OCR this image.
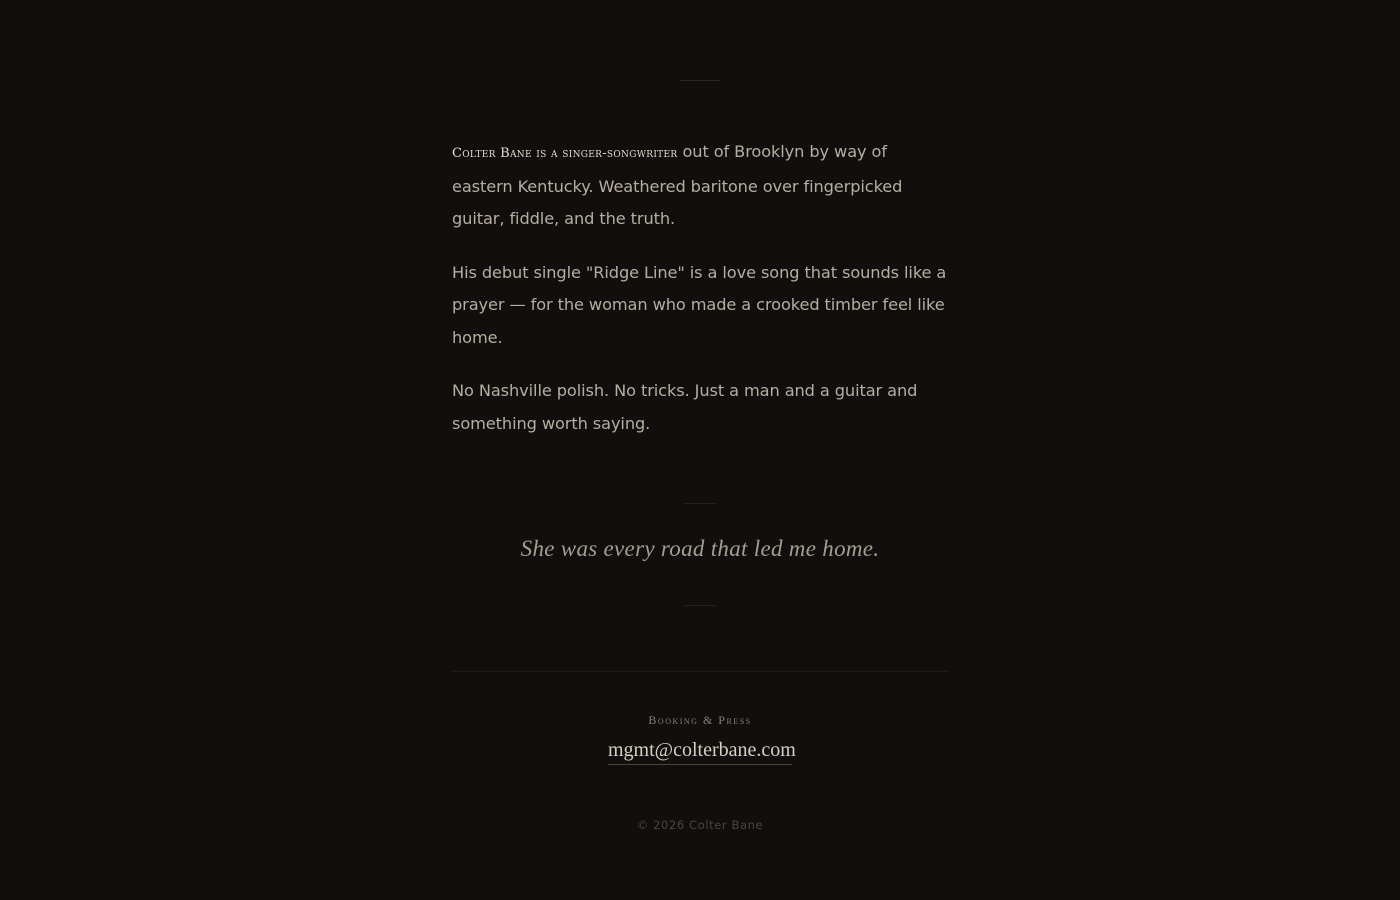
Colter Bane is a singer-songwriter out of Brooklyn by way of eastern Kentucky. Weathered baritone over fingerpicked guitar, fiddle, and the truth.

His debut single "Ridge Line" is a love song that sounds like a prayer — for the woman who made a crooked timber feel like home.

No Nashville polish. No tricks. Just a man and a guitar and something worth saying.

She was every road that led me home.
Booking & Press
mgmt@colterbane.com
© 2026 Colter Bane
